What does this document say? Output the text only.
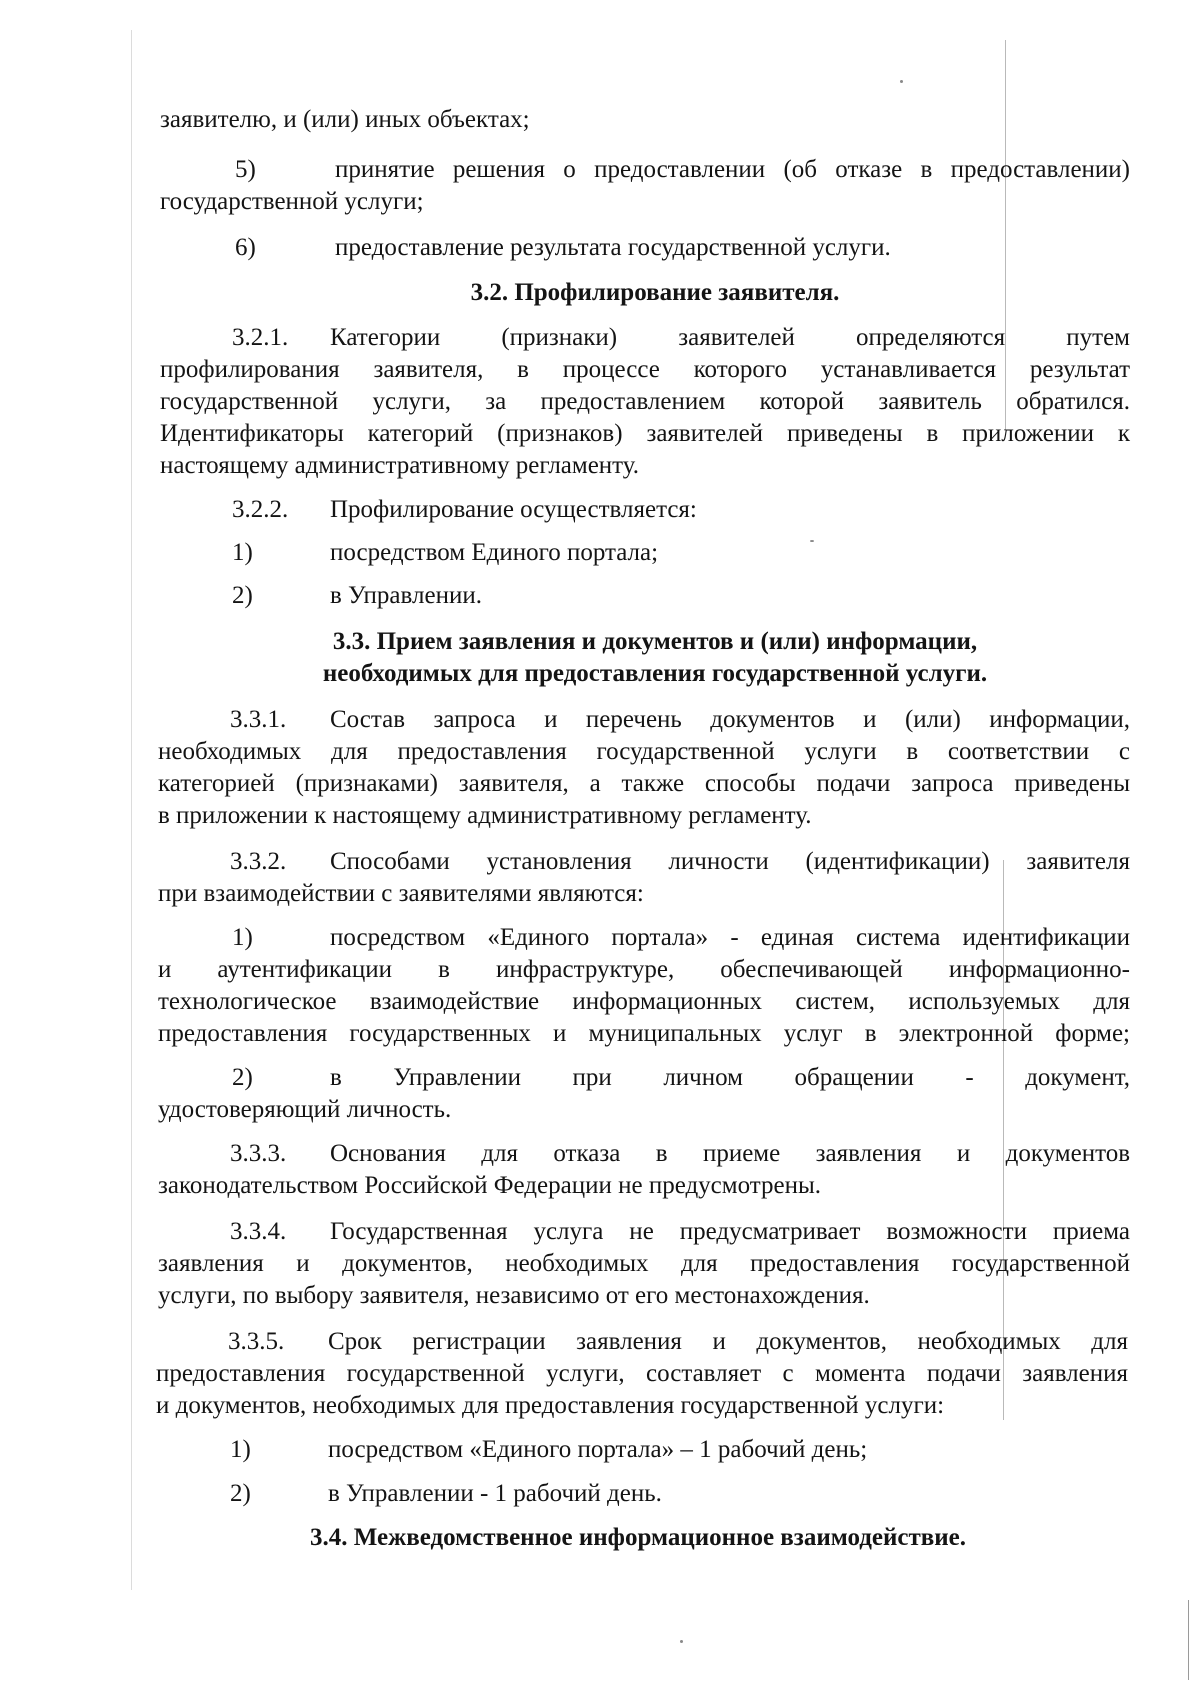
заявителю, и (или) иных объектах;
5)	принятие решения о предоставлении (об отказе в предоставлении)
государственной услуги;
6)	предоставление результата государственной услуги.
3.2. Профилирование заявителя.
3.2.1. Категории (признаки) заявителей определяются путем
профилирования заявителя, в процессе которого устанавливается результат
государственной услуги, за предоставлением которой заявитель обратился.
Идентификаторы категорий (признаков) заявителей приведены в приложении к
настоящему административному регламенту.
3.2.2. Профилирование осуществляется:
1)	посредством Единого портала;
2)	в Управлении.
3.3. Прием заявления и документов и (или) информации,
необходимых для предоставления государственной услуги.
3.3.1. Состав запроса и перечень документов и (или) информации,
необходимых для предоставления государственной услуги в соответствии с
категорией (признаками) заявителя, а также способы подачи запроса приведены
в приложении к настоящему административному регламенту.
3.3.2. Способами установления личности (идентификации) заявителя
при взаимодействии с заявителями являются:
1)	посредством «Единого портала» - единая система идентификации
и аутентификации в инфраструктуре, обеспечивающей информационно-
технологическое взаимодействие информационных систем, используемых для
предоставления государственных и муниципальных услуг в электронной форме;
2)	в Управлении при личном обращении - документ,
удостоверяющий личность.
3.3.3. Основания для отказа в приеме заявления и документов
законодательством Российской Федерации не предусмотрены.
3.3.4. Государственная услуга не предусматривает возможности приема
заявления и документов, необходимых для предоставления государственной
услуги, по выбору заявителя, независимо от его местонахождения.
3.3.5. Срок регистрации заявления и документов, необходимых для
предоставления государственной услуги, составляет с момента подачи заявления
и документов, необходимых для предоставления государственной услуги:
1)	посредством «Единого портала» – 1 рабочий день;
2)	в Управлении - 1 рабочий день.
3.4. Межведомственное информационное взаимодействие.
